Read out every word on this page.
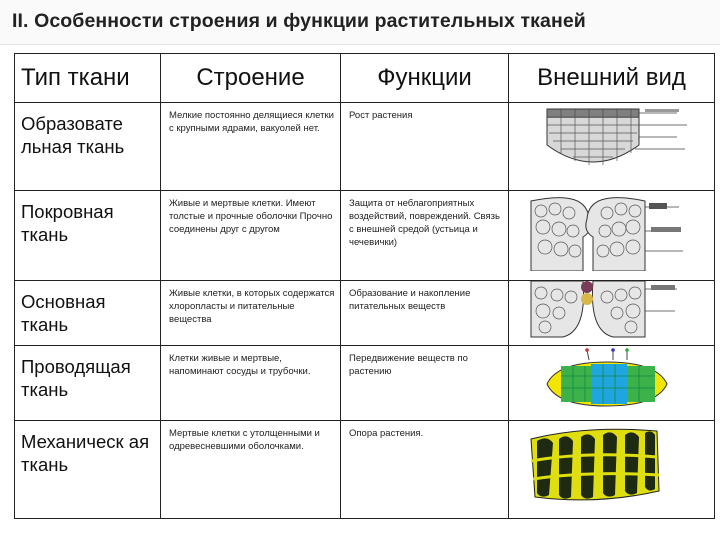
II. Особенности строения и функции растительных тканей
Тип ткани	Строение	Функции	Внешний вид

Образовате льная ткань	Мелкие постоянно делящиеся клетки с крупными ядрами, вакуолей нет.	Рост растения

Покровная ткань	Живые и мертвые клетки. Имеют толстые и прочные оболочки Прочно соединены друг с другом	Защита от неблагоприятных воздействий, повреждений. Связь с внешней средой (устьица и чечевички)

Основная ткань	Живые клетки, в которых содержатся хлоропласты и питательные вещества	Образование и накопление питательных веществ

Проводящая ткань	Клетки живые и мертвые, напоминают сосуды и трубочки.	Передвижение веществ по растению

Механическ ая ткань	Мертвые клетки с утолщенными и одревесневшими оболочками.	Опора растения.
